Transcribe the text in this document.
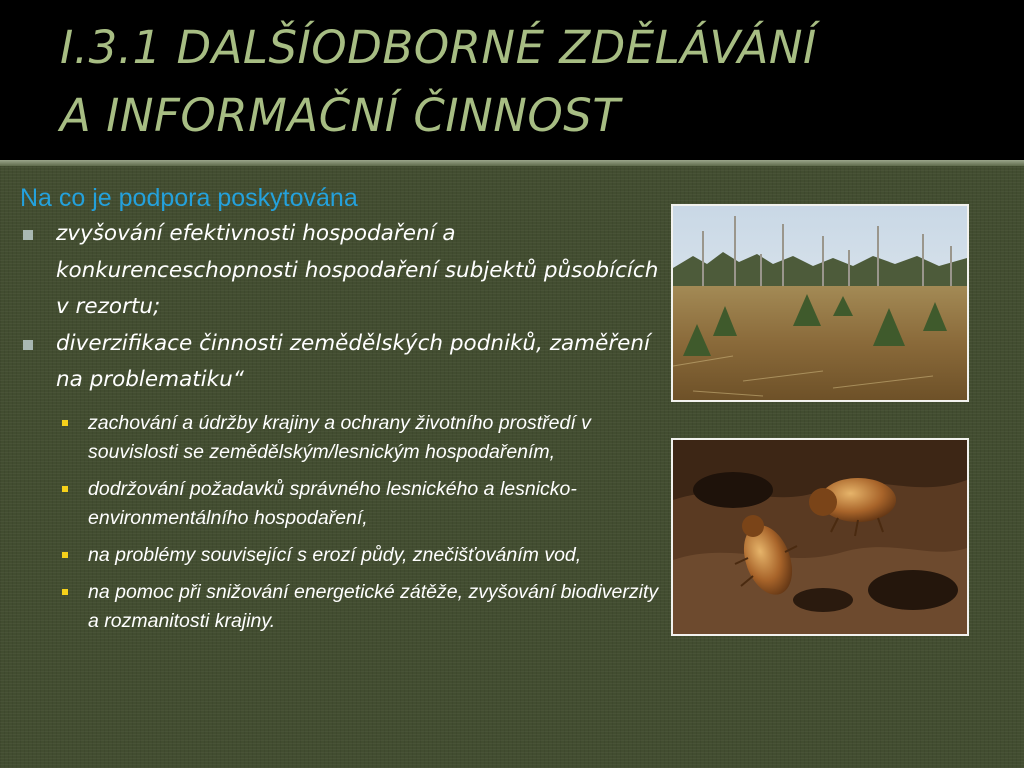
I.3.1 DALŠÍODBORNÉ ZDĚLÁVÁNÍ
A INFORMAČNÍ ČINNOST
Na co je podpora poskytována
zvyšování efektivnosti hospodaření a konkurenceschopnosti hospodaření subjektů působících v rezortu;
diverzifikace činnosti zemědělských podniků, zaměření na problematiku“
zachování a údržby krajiny a ochrany životního prostředí v souvislosti se zemědělským/lesnickým hospodařením,
dodržování požadavků správného lesnického a lesnicko-environmentálního hospodaření,
na problémy související s erozí půdy, znečišťováním vod,
na pomoc při snižování energetické zátěže, zvyšování biodiverzity a rozmanitosti krajiny.
